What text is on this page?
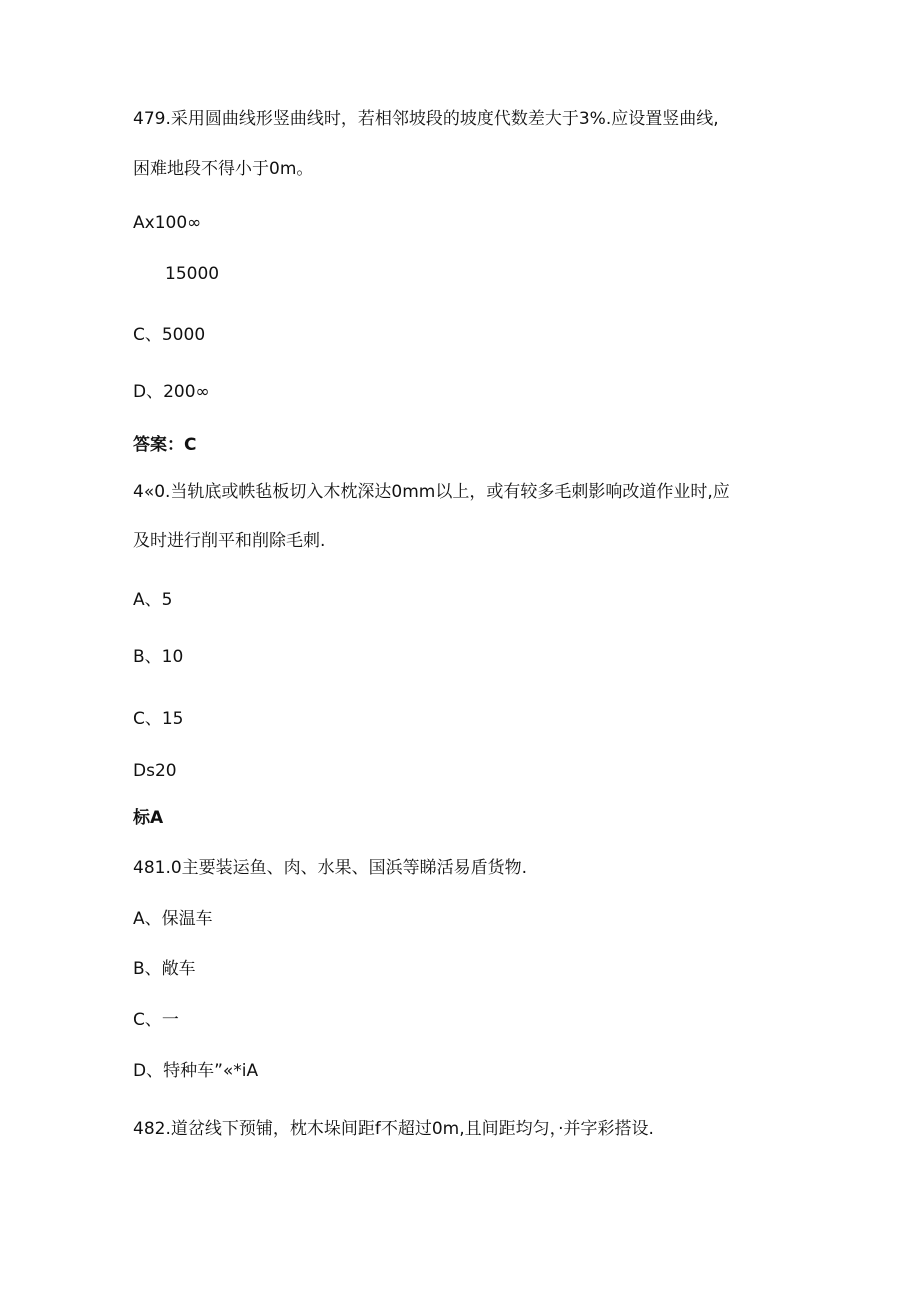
479.采用圆曲线形竖曲线时，若相邻坡段的坡度代数差大于3%.应设置竖曲线,
困难地段不得小于0m。
Ax100∞
15000
C、5000
D、200∞
答案：C
4«0.当轨底或帙毡板切入木枕深达0mm以上，或有较多毛刺影响改道作业时,应
及时进行削平和削除毛刺.
A、5
B、10
C、15
Ds20
标A
481.0主要装运鱼、肉、水果、国浜等睇活易盾货物.
A、保温车
B、敞车
C、一
D、特种车”«*iA
482.道岔线下预铺，枕木垛间距f不超过0m,且间距均匀，·并字彩搭设.
